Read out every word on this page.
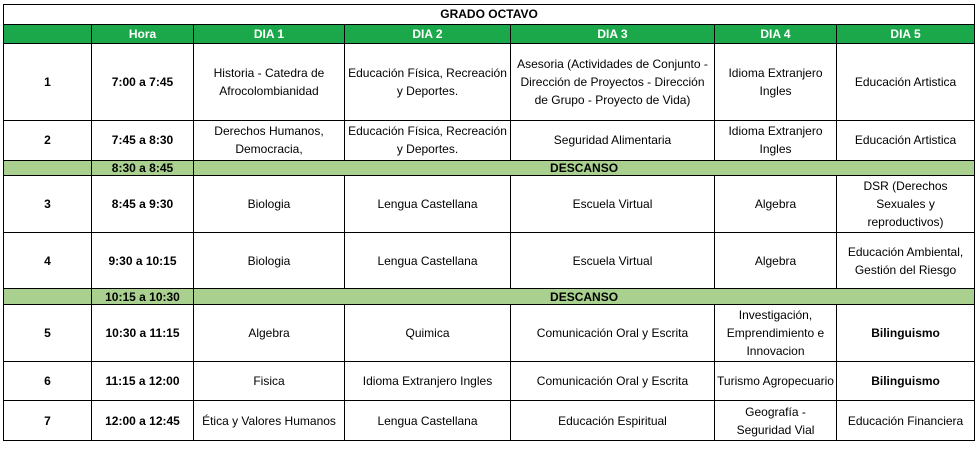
GRADO OCTAVO						
	Hora	DIA 1	DIA 2	DIA 3	DIA 4	DIA 5
1	7:00 a 7:45	Historia - Catedra de Afrocolombianidad	Educación Física, Recreación y Deportes.	Asesoria (Actividades de Conjunto - Dirección de Proyectos - Dirección de Grupo - Proyecto de Vida)	Idioma Extranjero Ingles	Educación Artistica
2	7:45 a 8:30	Derechos Humanos, Democracia,	Educación Física, Recreación y Deportes.	Seguridad Alimentaria	Idioma Extranjero Ingles	Educación Artistica
	8:30 a 8:45	DESCANSO				
3	8:45 a 9:30	Biologia	Lengua Castellana	Escuela Virtual	Algebra	DSR (Derechos Sexuales y reproductivos)
4	9:30 a 10:15	Biologia	Lengua Castellana	Escuela Virtual	Algebra	Educación Ambiental, Gestión del Riesgo
	10:15 a 10:30	DESCANSO				
5	10:30 a 11:15	Algebra	Quimica	Comunicación Oral y Escrita	Investigación, Emprendimiento e Innovacion	Bilinguismo
6	11:15 a 12:00	Fisica	Idioma Extranjero Ingles	Comunicación Oral y Escrita	Turismo Agropecuario	Bilinguismo
7	12:00 a 12:45	Ética y Valores Humanos	Lengua Castellana	Educación Espiritual	Geografía - Seguridad Vial	Educación Financiera
